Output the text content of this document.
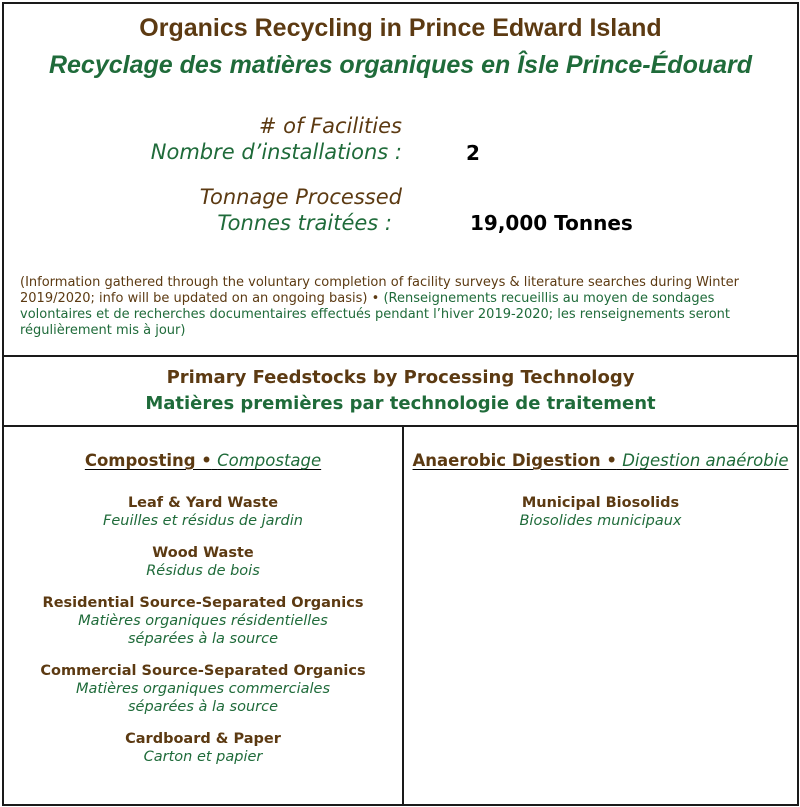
Organics Recycling in Prince Edward Island
Recyclage des matières organiques en Îsle Prince-Édouard
# of Facilities
Nombre d’installations :	2
Tonnage Processed
Tonnes traitées :	19,000 Tonnes
(Information gathered through the voluntary completion of facility surveys & literature searches during Winter 2019/2020; info will be updated on an ongoing basis) • (Renseignements recueillis au moyen de sondages volontaires et de recherches documentaires effectués pendant l’hiver 2019-2020; les renseignements seront régulièrement mis à jour)
Primary Feedstocks by Processing Technology
Matières premières par technologie de traitement
Composting • Compostage
Leaf & Yard Waste
Feuilles et résidus de jardin
Wood Waste
Résidus de bois
Residential Source-Separated Organics
Matières organiques résidentielles
séparées à la source
Commercial Source-Separated Organics
Matières organiques commerciales
séparées à la source
Cardboard & Paper
Carton et papier
Anaerobic Digestion • Digestion anaérobie
Municipal Biosolids
Biosolides municipaux
